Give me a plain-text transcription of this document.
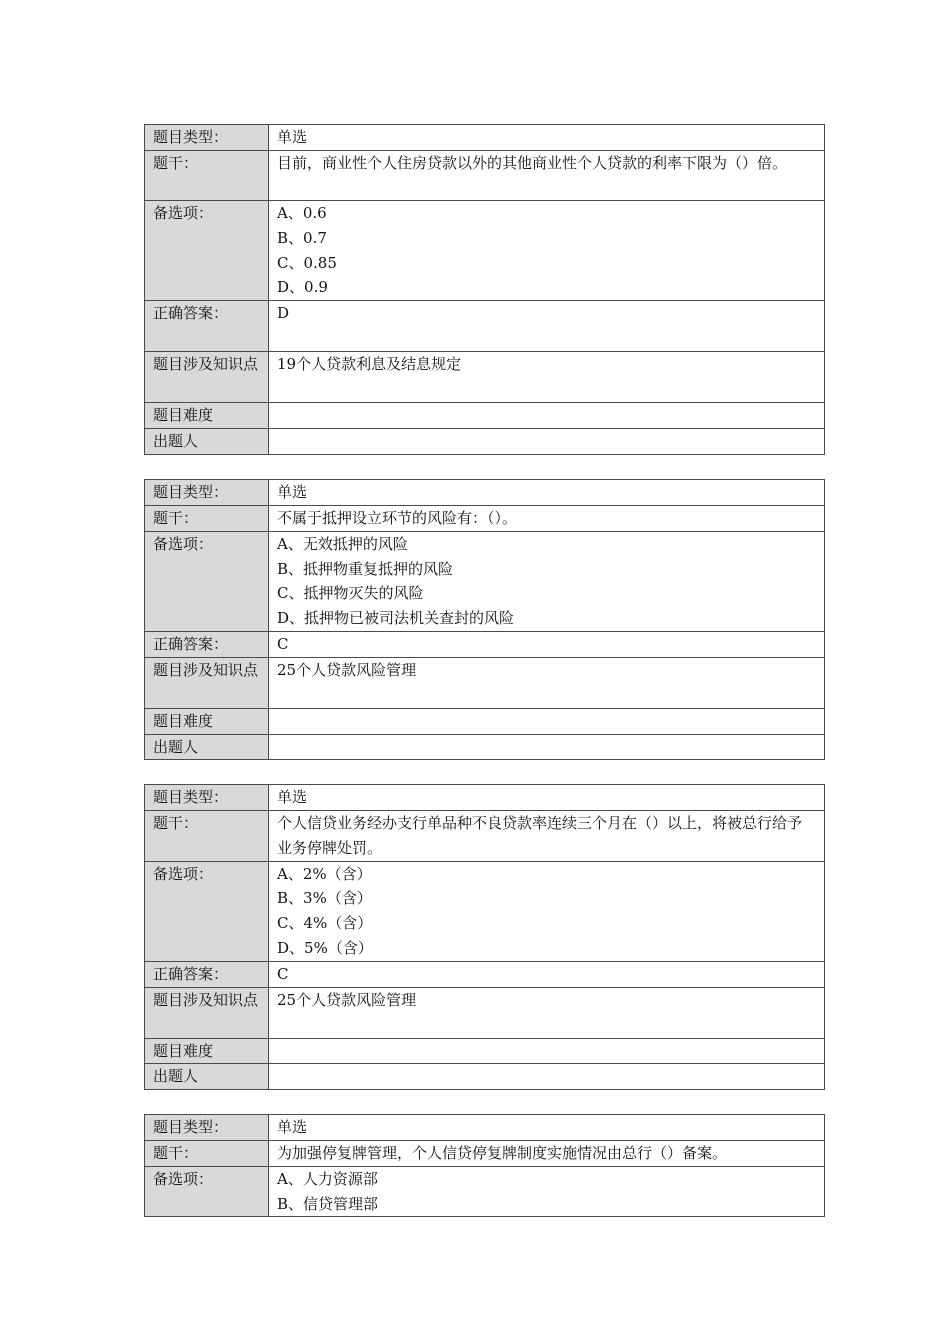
题目类型：	单选
题干：	目前，商业性个人住房贷款以外的其他商业性个人贷款的利率下限为（）倍。
备选项：	A、0.6
B、0.7
C、0.85
D、0.9

正确答案：	D
题目涉及知识点	19个人贷款利息及结息规定
题目难度	
出题人	
题目类型：	单选
题干：	不属于抵押设立环节的风险有：（）。
备选项：	A、无效抵押的风险
B、抵押物重复抵押的风险
C、抵押物灭失的风险
D、抵押物已被司法机关查封的风险

正确答案：	C
题目涉及知识点	25个人贷款风险管理
题目难度	
出题人	
题目类型：	单选
题干：	个人信贷业务经办支行单品种不良贷款率连续三个月在（）以上，将被总行给予业务停牌处罚。
备选项：	A、2%（含）
B、3%（含）
C、4%（含）
D、5%（含）

正确答案：	C
题目涉及知识点	25个人贷款风险管理
题目难度	
出题人	
题目类型：	单选
题干：	为加强停复牌管理，个人信贷停复牌制度实施情况由总行（）备案。
备选项：	A、人力资源部
B、信贷管理部
